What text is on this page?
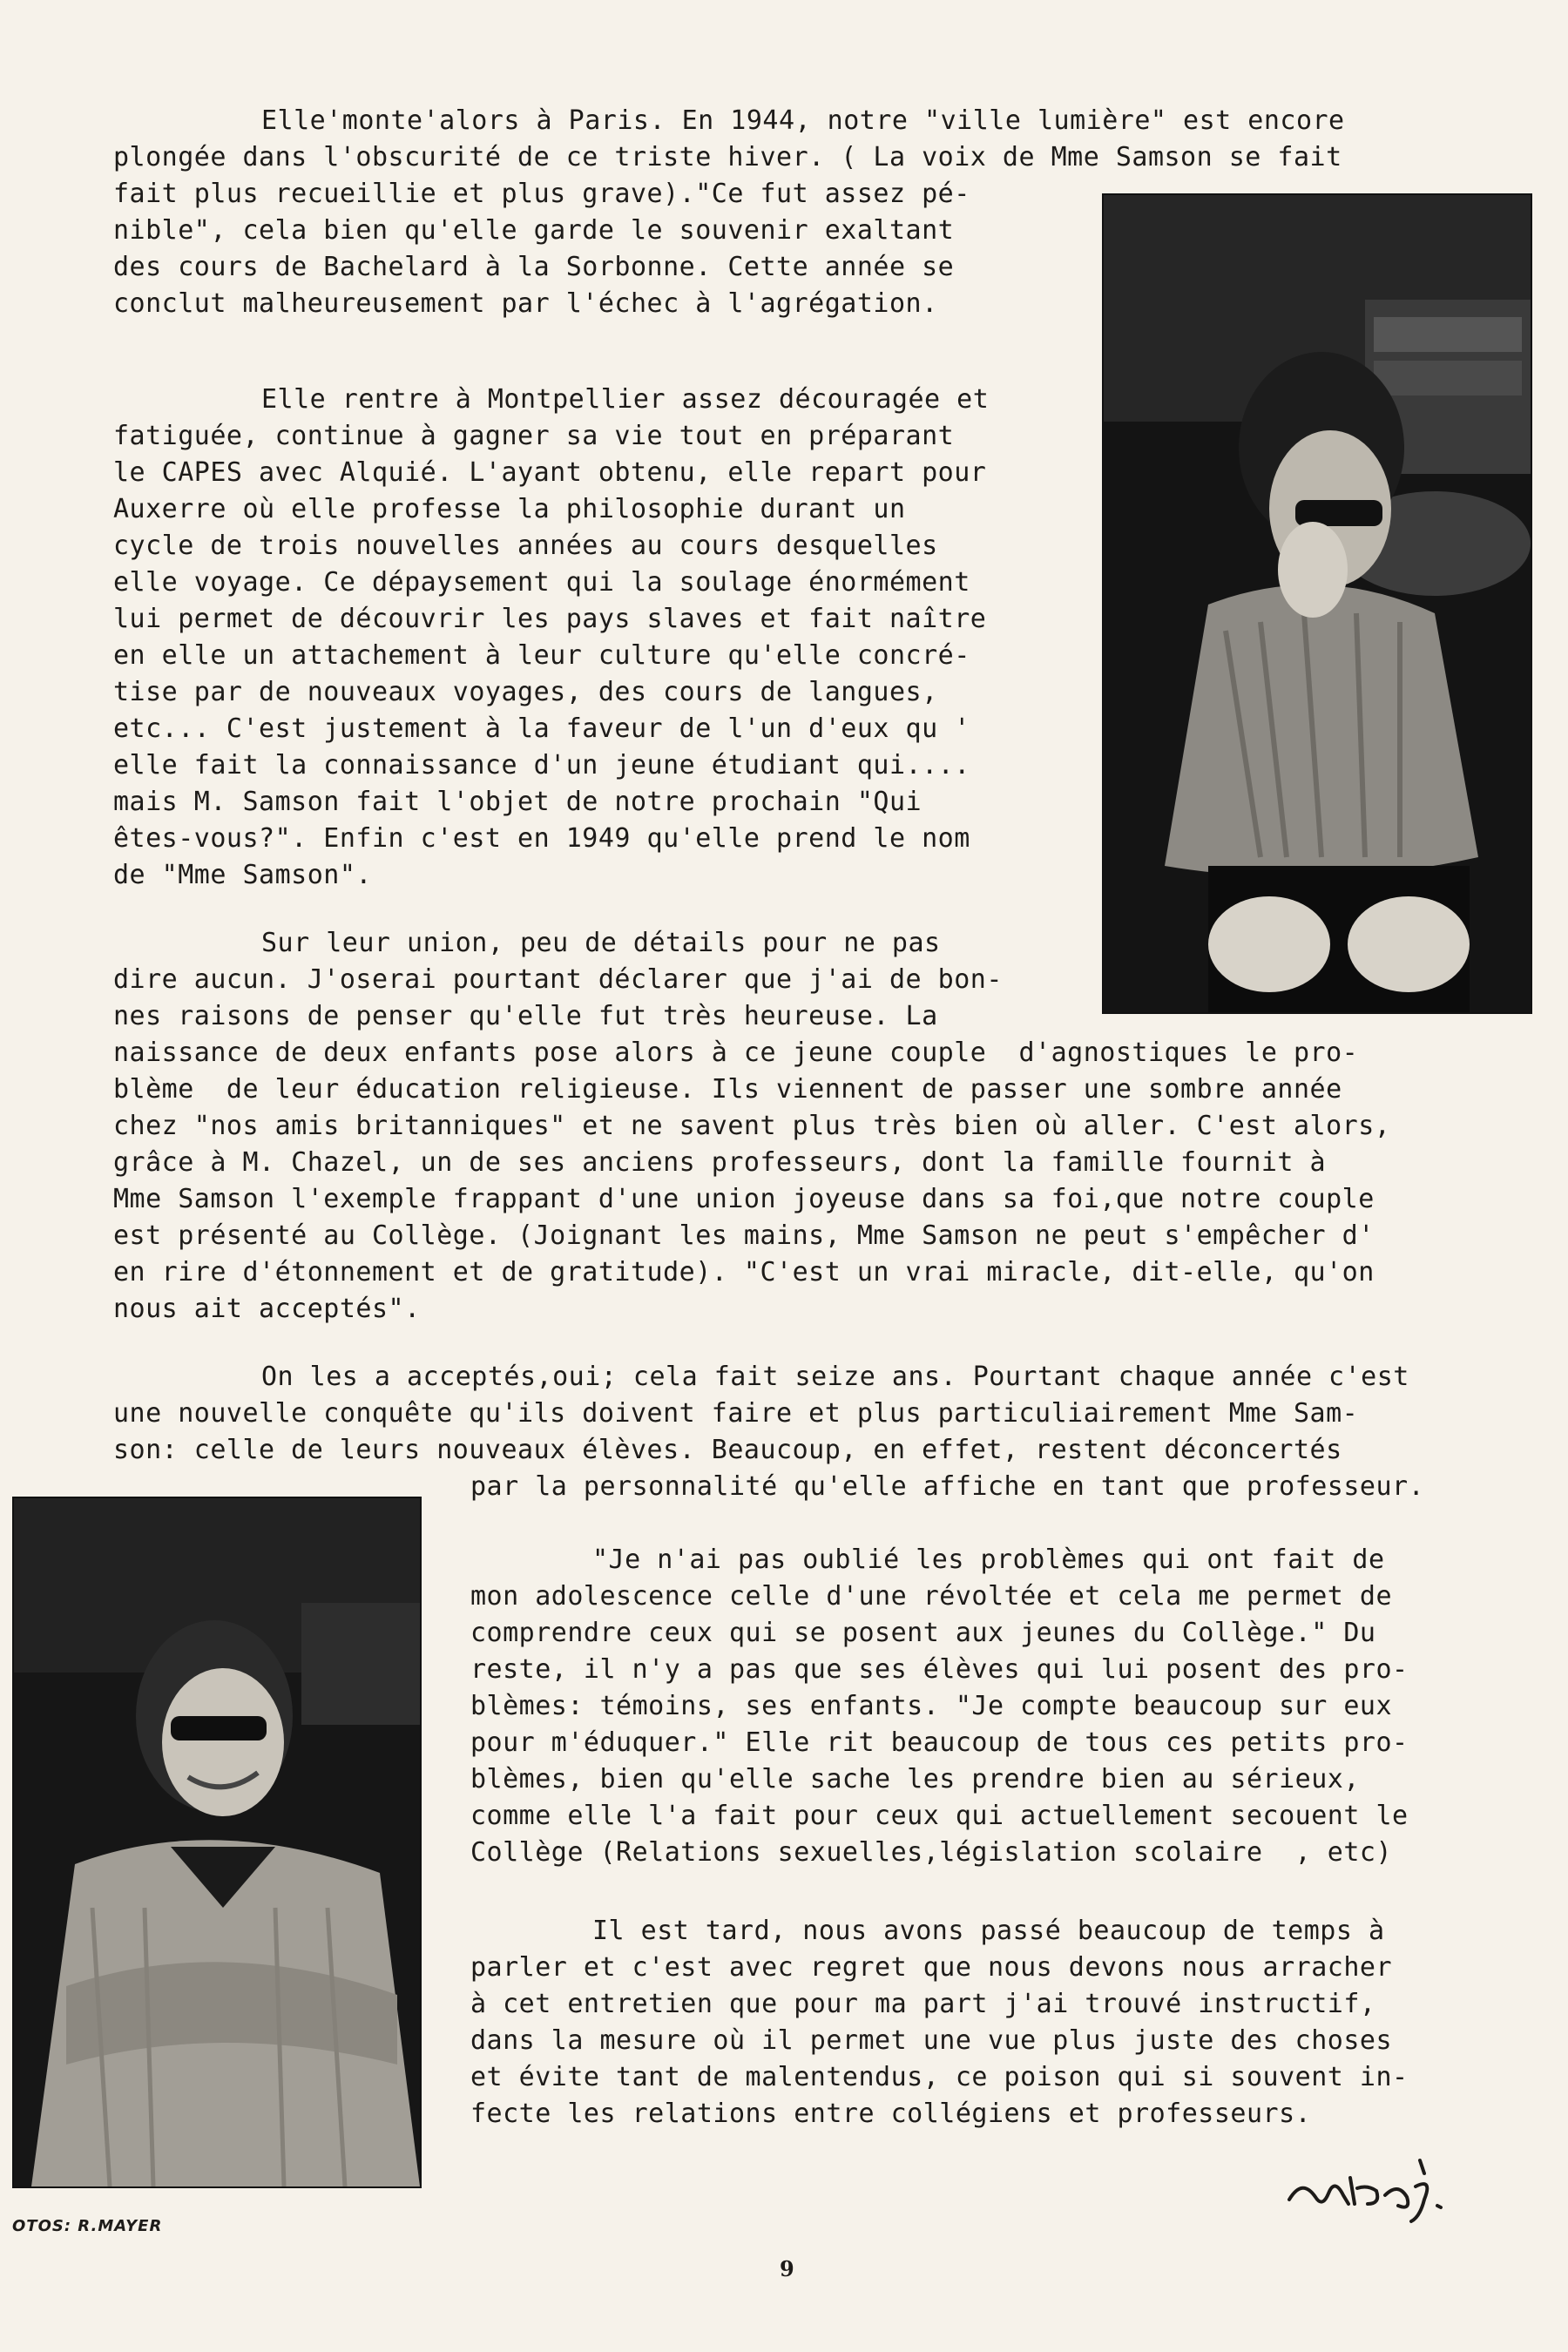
Elle'monte'alors à Paris. En 1944, notre "ville lumière" est encore
plongée dans l'obscurité de ce triste hiver. ( La voix de Mme Samson se fait
fait plus recueillie et plus grave)."Ce fut assez pé-
nible", cela bien qu'elle garde le souvenir exaltant
des cours de Bachelard à la Sorbonne. Cette année se
conclut malheureusement par l'échec à l'agrégation.
Elle rentre à Montpellier assez découragée et
fatiguée, continue à gagner sa vie tout en préparant
le CAPES avec Alquié. L'ayant obtenu, elle repart pour
Auxerre où elle professe la philosophie durant un
cycle de trois nouvelles années au cours desquelles
elle voyage. Ce dépaysement qui la soulage énormément
lui permet de découvrir les pays slaves et fait naître
en elle un attachement à leur culture qu'elle concré-
tise par de nouveaux voyages, des cours de langues,
etc... C'est justement à la faveur de l'un d'eux qu '
elle fait la connaissance d'un jeune étudiant qui....
mais M. Samson fait l'objet de notre prochain "Qui
êtes-vous?". Enfin c'est en 1949 qu'elle prend le nom
de "Mme Samson".
Sur leur union, peu de détails pour ne pas
dire aucun. J'oserai pourtant déclarer que j'ai de bon-
nes raisons de penser qu'elle fut très heureuse. La
naissance de deux enfants pose alors à ce jeune couple  d'agnostiques le pro-
blème  de leur éducation religieuse. Ils viennent de passer une sombre année
chez "nos amis britanniques" et ne savent plus très bien où aller. C'est alors,
grâce à M. Chazel, un de ses anciens professeurs, dont la famille fournit à
Mme Samson l'exemple frappant d'une union joyeuse dans sa foi,que notre couple
est présenté au Collège. (Joignant les mains, Mme Samson ne peut s'empêcher d'
en rire d'étonnement et de gratitude). "C'est un vrai miracle, dit-elle, qu'on
nous ait acceptés".
On les a acceptés,oui; cela fait seize ans. Pourtant chaque année c'est
une nouvelle conquête qu'ils doivent faire et plus particuliairement Mme Sam-
son: celle de leurs nouveaux élèves. Beaucoup, en effet, restent déconcertés
par la personnalité qu'elle affiche en tant que professeur.
"Je n'ai pas oublié les problèmes qui ont fait de
mon adolescence celle d'une révoltée et cela me permet de
comprendre ceux qui se posent aux jeunes du Collège." Du
reste, il n'y a pas que ses élèves qui lui posent des pro-
blèmes: témoins, ses enfants. "Je compte beaucoup sur eux
pour m'éduquer." Elle rit beaucoup de tous ces petits pro-
blèmes, bien qu'elle sache les prendre bien au sérieux,
comme elle l'a fait pour ceux qui actuellement secouent le
Collège (Relations sexuelles,législation scolaire  , etc)
Il est tard, nous avons passé beaucoup de temps à
parler et c'est avec regret que nous devons nous arracher
à cet entretien que pour ma part j'ai trouvé instructif,
dans la mesure où il permet une vue plus juste des choses
et évite tant de malentendus, ce poison qui si souvent in-
fecte les relations entre collégiens et professeurs.
OTOS: R.MAYER
9
